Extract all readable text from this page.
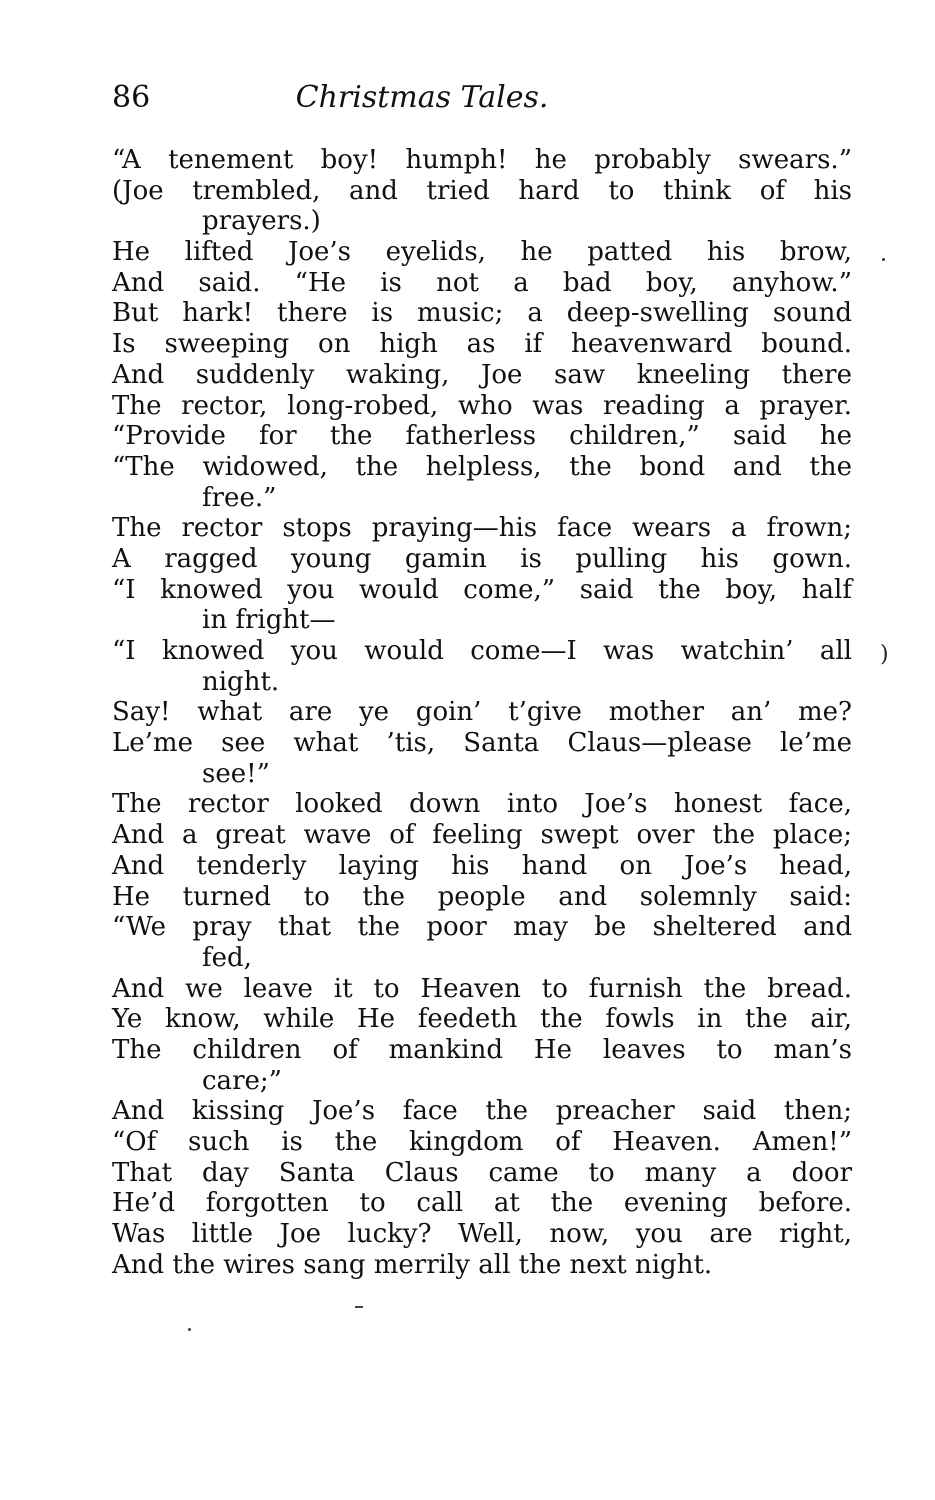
86	Christmas Tales.
“A tenement boy! humph! he probably swears.”
(Joe trembled, and tried hard to think of his
prayers.)
He lifted Joe’s eyelids, he patted his brow,
And said. “He is not a bad boy, anyhow.”
But hark! there is music; a deep-swelling sound
Is sweeping on high as if heavenward bound.
And suddenly waking, Joe saw kneeling there
The rector, long-robed, who was reading a prayer.
“Provide for the fatherless children,” said he
“The widowed, the helpless, the bond and the
free.”
The rector stops praying—his face wears a frown;
A ragged young gamin is pulling his gown.
“I knowed you would come,” said the boy, half
in fright—
“I knowed you would come—I was watchin’ all
night.
Say! what are ye goin’ t’give mother an’ me?
Le’me see what ’tis, Santa Claus—please le’me
see!”
The rector looked down into Joe’s honest face,
And a great wave of feeling swept over the place;
And tenderly laying his hand on Joe’s head,
He turned to the people and solemnly said:
“We pray that the poor may be sheltered and
fed,
And we leave it to Heaven to furnish the bread.
Ye know, while He feedeth the fowls in the air,
The children of mankind He leaves to man’s
care;”
And kissing Joe’s face the preacher said then;
“Of such is the kingdom of Heaven. Amen!”
That day Santa Claus came to many a door
He’d forgotten to call at the evening before.
Was little Joe lucky? Well, now, you are right,
And the wires sang merrily all the next night.
)
